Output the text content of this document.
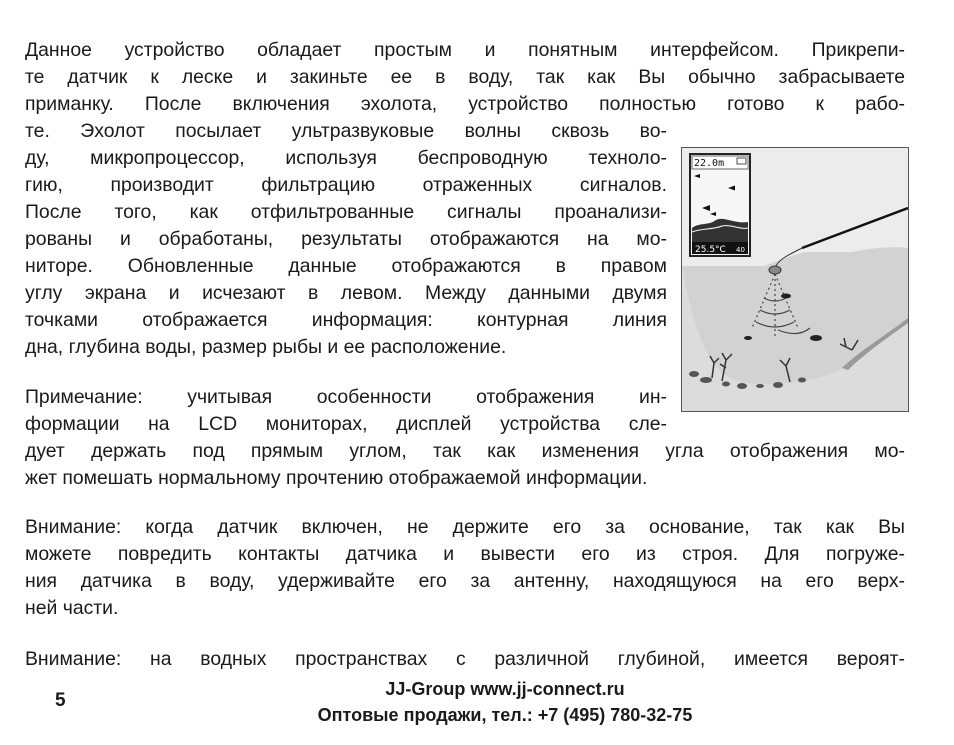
Данное устройство обладает простым и понятным интерфейсом. Прикрепи-
те датчик к леске и закиньте ее в воду, так как Вы обычно забрасываете
приманку. После включения эхолота, устройство полностью готово к рабо-
те. Эхолот посылает ультразвуковые волны сквозь во-
ду, микропроцессор, используя беспроводную техноло-
гию, производит фильтрацию отраженных сигналов.
После того, как отфильтрованные сигналы проанализи-
рованы и обработаны, результаты отображаются на мо-
ниторе. Обновленные данные отображаются в правом
углу экрана и исчезают в левом. Между данными двумя
точками отображается информация: контурная линия
дна, глубина воды, размер рыбы и ее расположение.
Примечание: учитывая особенности отображения ин-
формации на LCD мониторах, дисплей устройства сле-
дует держать под прямым углом, так как изменения угла отображения мо-
жет помешать нормальному прочтению отображаемой информации.
Внимание: когда датчик включен, не держите его за основание, так как Вы
можете повредить контакты датчика и вывести его из строя. Для погруже-
ния датчика в воду, удерживайте его за антенну, находящуюся на его верх-
ней части.
Внимание: на водных пространствах с различной глубиной, имеется вероят-
22.0m
25.5°C 40
5
JJ-Group www.jj-connect.ru
Оптовые продажи, тел.: +7 (495) 780-32-75
